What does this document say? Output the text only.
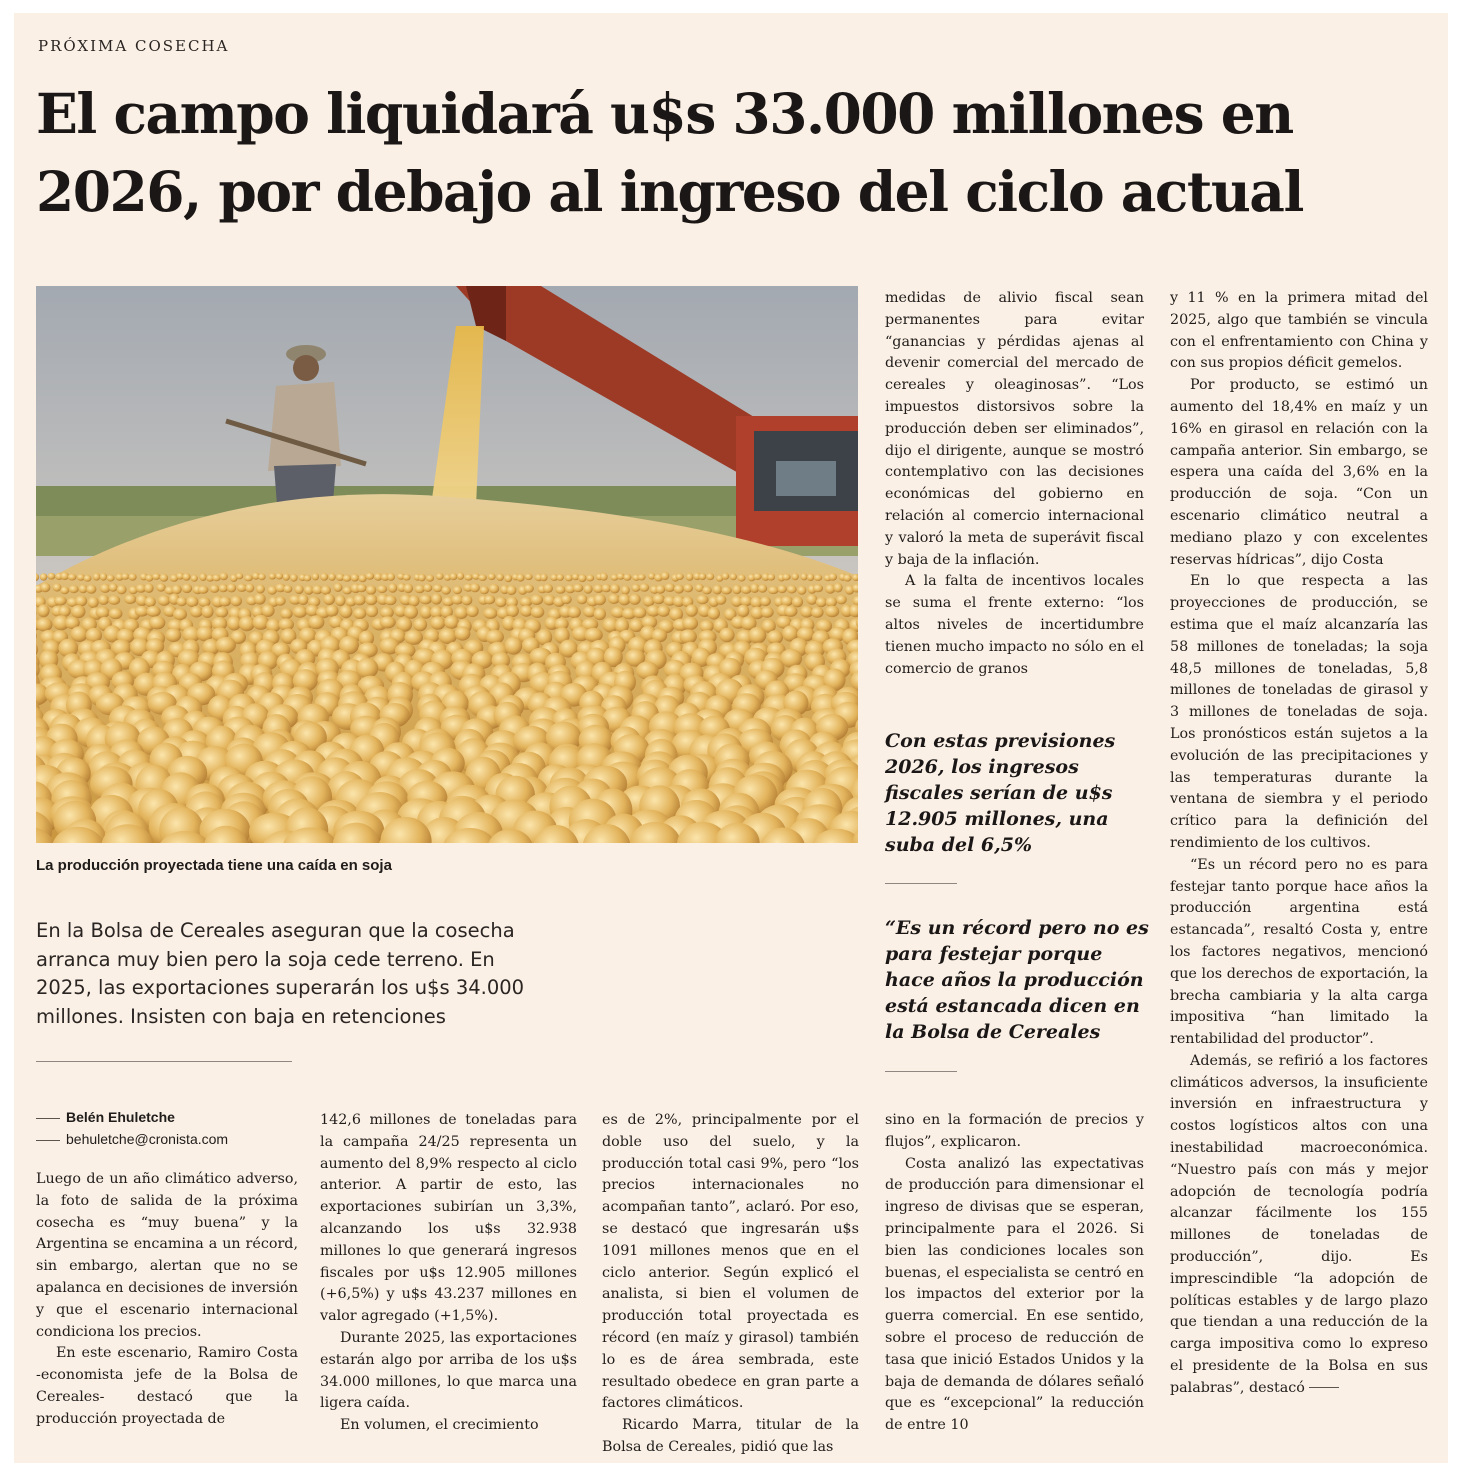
PRÓXIMA COSECHA
El campo liquidará u$s 33.000 millones en 2026, por debajo al ingreso del ciclo actual
La producción proyectada tiene una caída en soja
En la Bolsa de Cereales aseguran que la cosecha arranca muy bien pero la soja cede terreno. En 2025, las exportaciones superarán los u$s 34.000 millones. Insisten con baja en retenciones
Belén Ehuletche
behuletche@cronista.com

Luego de un año climático adverso, la foto de salida de la próxima cosecha es “muy buena” y la Argentina se encamina a un récord, sin embargo, alertan que no se apalanca en decisiones de inversión y que el escenario internacional condiciona los precios.

En este escenario, Ramiro Costa -economista jefe de la Bolsa de Cereales- destacó que la producción proyectada de

142,6 millones de toneladas para la campaña 24/25 representa un aumento del 8,9% respecto al ciclo anterior. A partir de esto, las exportaciones subirían un 3,3%, alcanzando los u$s 32.938 millones lo que generará ingresos fiscales por u$s 12.905 millones (+6,5%) y u$s 43.237 millones en valor agregado (+1,5%).

Durante 2025, las exportaciones estarán algo por arriba de los u$s 34.000 millones, lo que marca una ligera caída.

En volumen, el crecimiento

es de 2%, principalmente por el doble uso del suelo, y la producción total casi 9%, pero “los precios internacionales no acompañan tanto”, aclaró. Por eso, se destacó que ingresarán u$s 1091 millones menos que en el ciclo anterior. Según explicó el analista, si bien el volumen de producción total proyectada es récord (en maíz y girasol) también lo es de área sembrada, este resultado obedece en gran parte a factores climáticos.

Ricardo Marra, titular de la Bolsa de Cereales, pidió que las

medidas de alivio fiscal sean permanentes para evitar “ganancias y pérdidas ajenas al devenir comercial del mercado de cereales y oleaginosas”. “Los impuestos distorsivos sobre la producción deben ser eliminados”, dijo el dirigente, aunque se mostró contemplativo con las decisiones económicas del gobierno en relación al comercio internacional y valoró la meta de superávit fiscal y baja de la inflación.

A la falta de incentivos locales se suma el frente externo: “los altos niveles de incertidumbre tienen mucho impacto no sólo en el comercio de granos

Con estas previsiones 2026, los ingresos fiscales serían de u$s 12.905 millones, una suba del 6,5%
“Es un récord pero no es para festejar porque hace años la producción está estancada dicen en la Bolsa de Cereales

sino en la formación de precios y flujos”, explicaron.

Costa analizó las expectativas de producción para dimensionar el ingreso de divisas que se esperan, principalmente para el 2026. Si bien las condiciones locales son buenas, el especialista se centró en los impactos del exterior por la guerra comercial. En ese sentido, sobre el proceso de reducción de tasa que inició Estados Unidos y la baja de demanda de dólares señaló que es “excepcional” la reducción de entre 10

y 11 % en la primera mitad del 2025, algo que también se vincula con el enfrentamiento con China y con sus propios déficit gemelos.

Por producto, se estimó un aumento del 18,4% en maíz y un 16% en girasol en relación con la campaña anterior. Sin embargo, se espera una caída del 3,6% en la producción de soja. “Con un escenario climático neutral a mediano plazo y con excelentes reservas hídricas”, dijo Costa

En lo que respecta a las proyecciones de producción, se estima que el maíz alcanzaría las 58 millones de toneladas; la soja 48,5 millones de toneladas, 5,8 millones de toneladas de girasol y 3 millones de toneladas de soja. Los pronósticos están sujetos a la evolución de las precipitaciones y las temperaturas durante la ventana de siembra y el periodo crítico para la definición del rendimiento de los cultivos.

“Es un récord pero no es para festejar tanto porque hace años la producción argentina está estancada”, resaltó Costa y, entre los factores negativos, mencionó que los derechos de exportación, la brecha cambiaria y la alta carga impositiva “han limitado la rentabilidad del productor”.

Además, se refirió a los factores climáticos adversos, la insuficiente inversión en infraestructura y costos logísticos altos con una inestabilidad macroeconómica. “Nuestro país con más y mejor adopción de tecnología podría alcanzar fácilmente los 155 millones de toneladas de producción”, dijo. Es imprescindible “la adopción de políticas estables y de largo plazo que tiendan a una reducción de la carga impositiva como lo expreso el presidente de la Bolsa en sus palabras”, destacó
